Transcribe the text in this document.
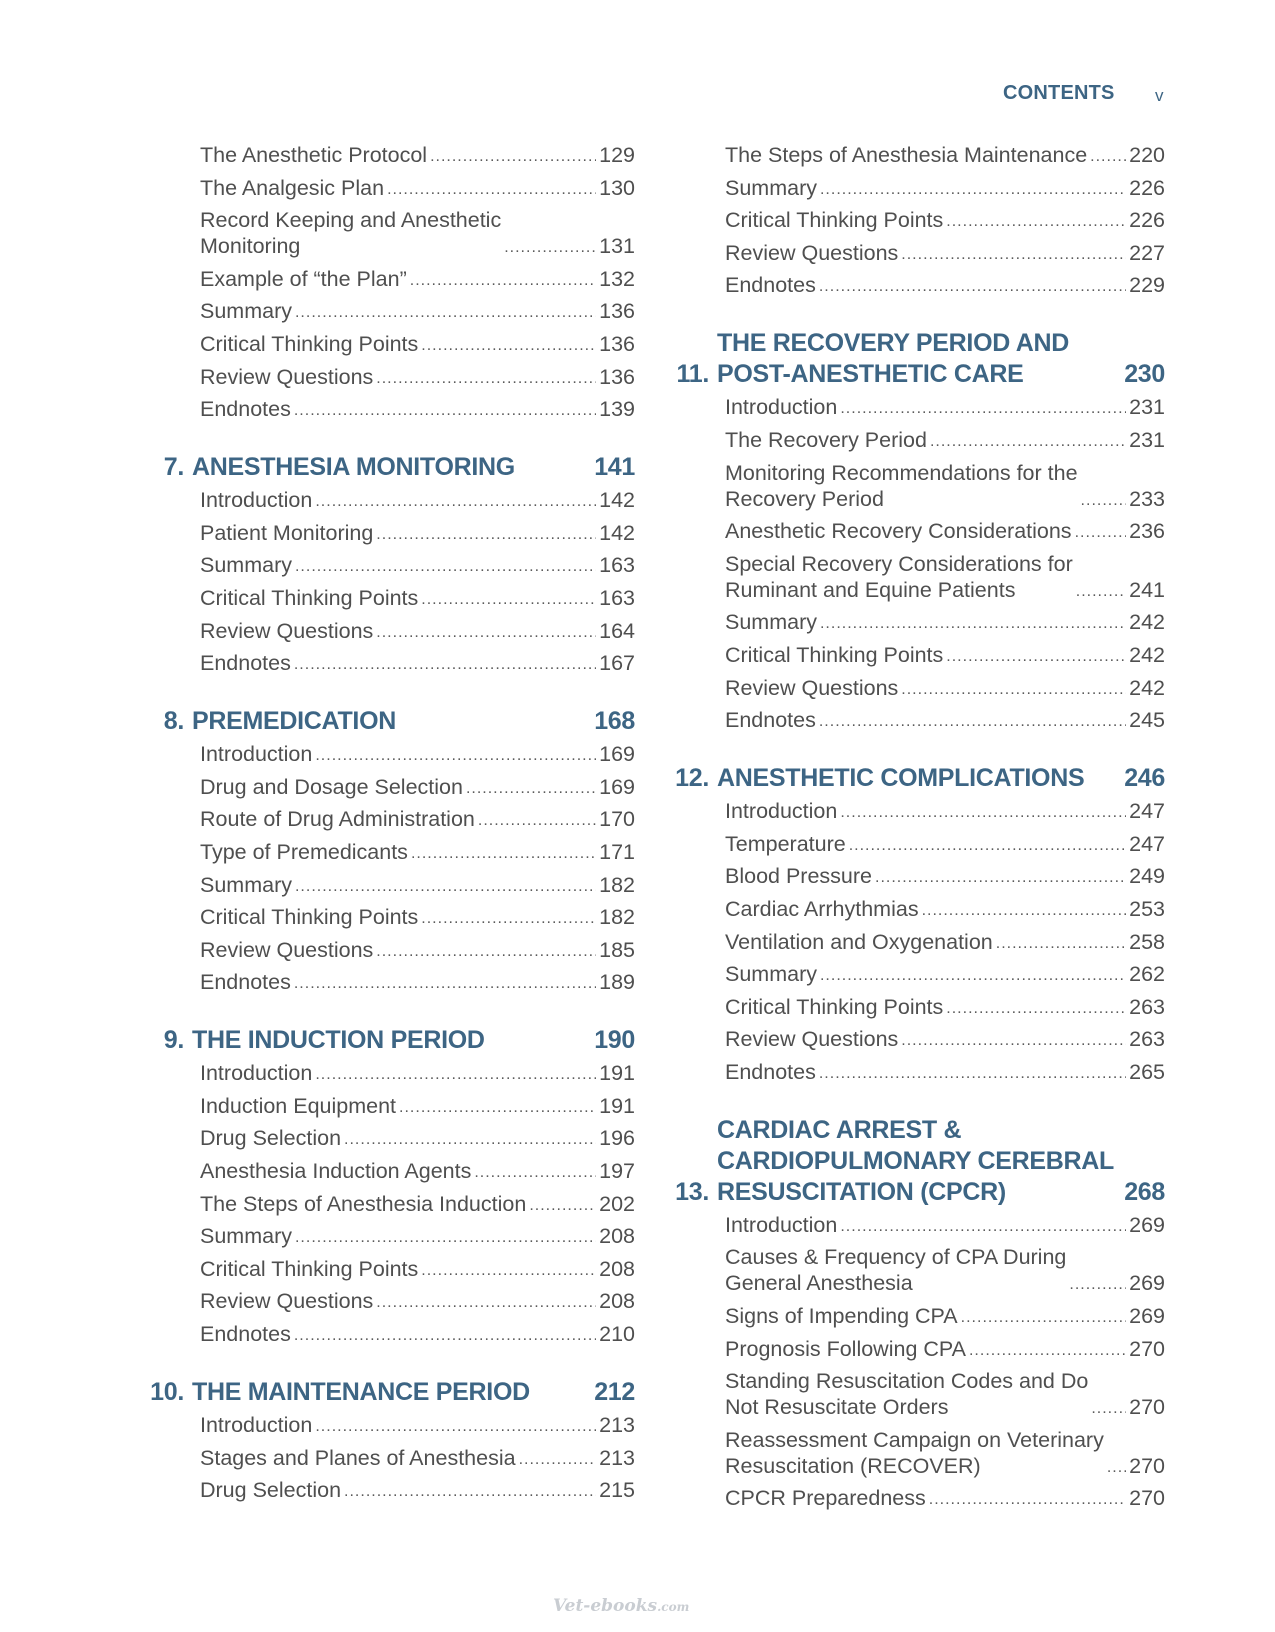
CONTENTS v
The Anesthetic Protocol .....	129
The Analgesic Plan .....	130
Record Keeping and Anesthetic
Monitoring .....	131
Example of “the Plan” .....	132
Summary .....	136
Critical Thinking Points .....	136
Review Questions .....	136
Endnotes .....	139
7. ANESTHESIA MONITORING	141
Introduction .....	142
Patient Monitoring .....	142
Summary .....	163
Critical Thinking Points .....	163
Review Questions .....	164
Endnotes .....	167
8. PREMEDICATION	168
Introduction .....	169
Drug and Dosage Selection .....	169
Route of Drug Administration .....	170
Type of Premedicants .....	171
Summary .....	182
Critical Thinking Points .....	182
Review Questions .....	185
Endnotes .....	189
9. THE INDUCTION PERIOD	190
Introduction .....	191
Induction Equipment .....	191
Drug Selection .....	196
Anesthesia Induction Agents .....	197
The Steps of Anesthesia Induction .....	202
Summary .....	208
Critical Thinking Points .....	208
Review Questions .....	208
Endnotes .....	210
10. THE MAINTENANCE PERIOD	212
Introduction .....	213
Stages and Planes of Anesthesia .....	213
Drug Selection .....	215
The Steps of Anesthesia Maintenance ..... 220
Summary .....	226
Critical Thinking Points .....	226
Review Questions .....	227
Endnotes .....	229
11.
THE RECOVERY PERIOD AND
POST-ANESTHETIC CARE	230
Introduction .....	231
The Recovery Period .....	231
Monitoring Recommendations for the
Recovery Period .....	233
Anesthetic Recovery Considerations .....	236
Special Recovery Considerations for
Ruminant and Equine Patients .....	241
Summary .....	242
Critical Thinking Points .....	242
Review Questions .....	242
Endnotes .....	245
12. ANESTHETIC COMPLICATIONS	246
Introduction .....	247
Temperature .....	247
Blood Pressure .....	249
Cardiac Arrhythmias .....	253
Ventilation and Oxygenation .....	258
Summary .....	262
Critical Thinking Points .....	263
Review Questions .....	263
Endnotes .....	265
13.
CARDIAC ARREST &
CARDIOPULMONARY CEREBRAL
RESUSCITATION (CPCR)	268
Introduction .....	269
Causes & Frequency of CPA During
General Anesthesia .....	269
Signs of Impending CPA .....	269
Prognosis Following CPA .....	270
Standing Resuscitation Codes and Do
Not Resuscitate Orders .....	270
Reassessment Campaign on Veterinary
Resuscitation (RECOVER) .....	270
CPCR Preparedness .....	270
Vet-ebooks.com
